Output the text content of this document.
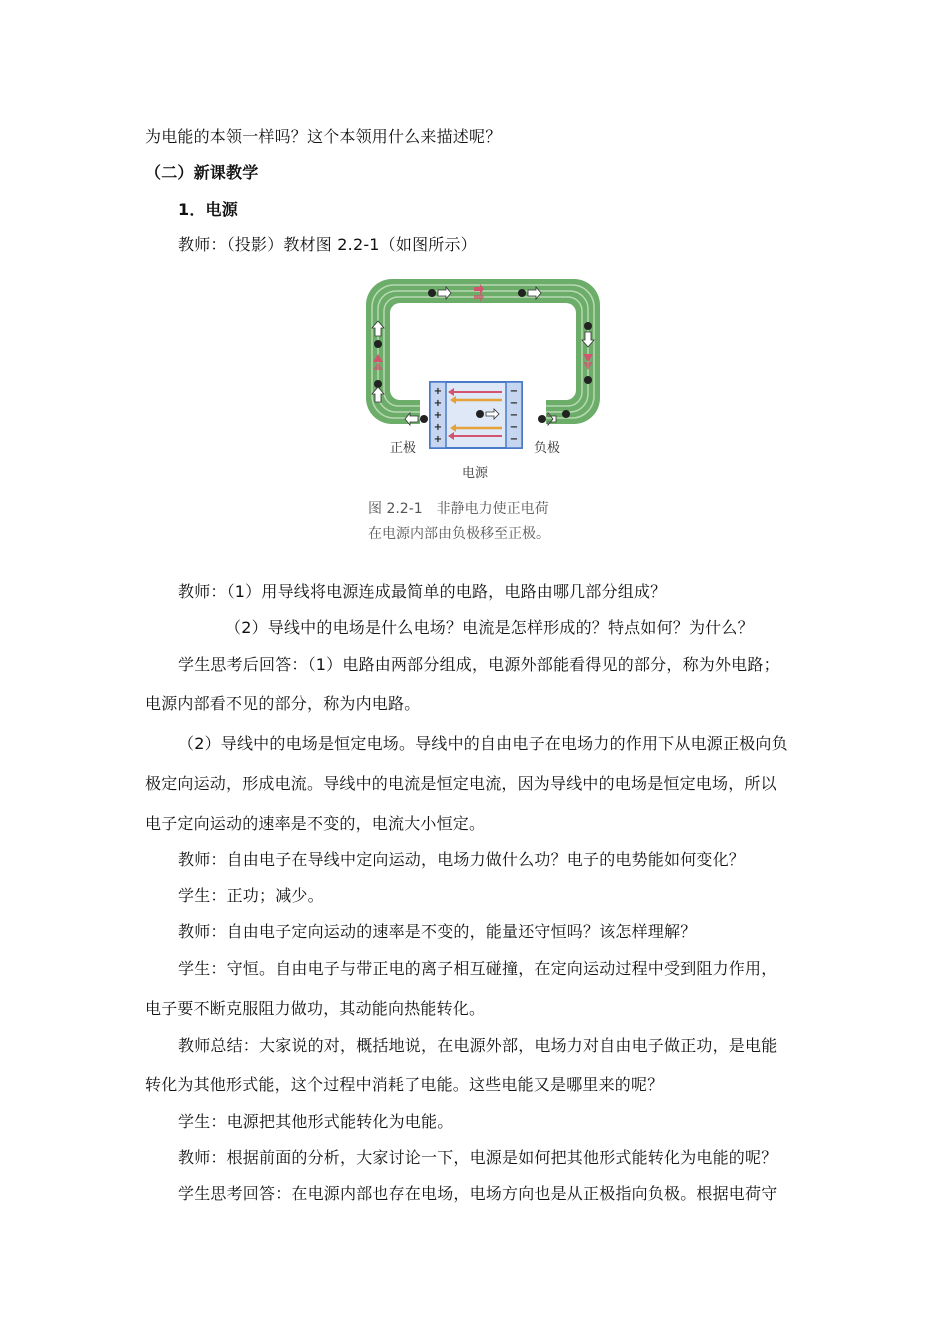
为电能的本领一样吗？这个本领用什么来描述呢？
（二）新课教学
1．电源
教师：（投影）教材图 2.2-1（如图所示）
+
+
+
+
+
−
−
−
−
−
正极	负极
电源
图 2.2-1　非静电力使正电荷
在电源内部由负极移至正极。
教师：（1）用导线将电源连成最简单的电路，电路由哪几部分组成？
（2）导线中的电场是什么电场？电流是怎样形成的？特点如何？为什么？
学生思考后回答：（1）电路由两部分组成，电源外部能看得见的部分，称为外电路；
电源内部看不见的部分，称为内电路。
（2）导线中的电场是恒定电场。导线中的自由电子在电场力的作用下从电源正极向负
极定向运动，形成电流。导线中的电流是恒定电流，因为导线中的电场是恒定电场，所以
电子定向运动的速率是不变的，电流大小恒定。
教师：自由电子在导线中定向运动，电场力做什么功？电子的电势能如何变化？
学生：正功；减少。
教师：自由电子定向运动的速率是不变的，能量还守恒吗？该怎样理解？
学生：守恒。自由电子与带正电的离子相互碰撞，在定向运动过程中受到阻力作用，
电子要不断克服阻力做功，其动能向热能转化。
教师总结：大家说的对，概括地说，在电源外部，电场力对自由电子做正功，是电能
转化为其他形式能，这个过程中消耗了电能。这些电能又是哪里来的呢？
学生：电源把其他形式能转化为电能。
教师：根据前面的分析，大家讨论一下，电源是如何把其他形式能转化为电能的呢？
学生思考回答：在电源内部也存在电场，电场方向也是从正极指向负极。根据电荷守
